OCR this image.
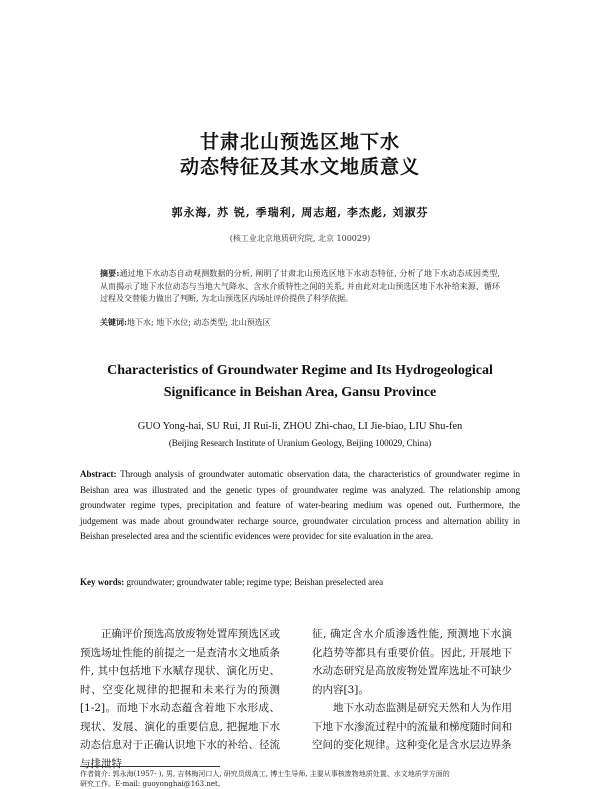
甘肃北山预选区地下水
动态特征及其水文地质意义
郭永海, 苏 锐, 季瑞利, 周志超, 李杰彪, 刘淑芬
(核工业北京地质研究院, 北京 100029)
摘要:通过地下水动态自动观测数据的分析, 阐明了甘肃北山预选区地下水动态特征, 分析了地下水动态成因类型, 从而揭示了地下水位动态与当地大气降水、含水介质特性之间的关系, 并由此对北山预选区地下水补给来源、循环过程及交替能力做出了判断, 为北山预选区内场址评价提供了科学依据。
关键词:地下水; 地下水位; 动态类型; 北山预选区
Characteristics of Groundwater Regime and Its Hydrogeological
Significance in Beishan Area, Gansu Province
GUO Yong-hai, SU Rui, JI Rui-li, ZHOU Zhi-chao, LI Jie-biao, LIU Shu-fen
(Beijing Research Institute of Uranium Geology, Beijing 100029, China)
Abstract: Through analysis of groundwater automatic observation data, the characteristics of groundwater regime in Beishan area was illustrated and the genetic types of groundwater regime was analyzed. The relationship among groundwater regime types, precipitation and feature of water-bearing medium was opened out. Furthermore, the judgement was made about groundwater recharge source, groundwater circulation process and alternation ability in Beishan preselected area and the scientific evidences were providec for site evaluation in the area.
Key words: groundwater; groundwater table; regime type; Beishan preselected area

正确评价预选高放废物处置库预选区或预选场址性能的前提之一是查清水文地质条件, 其中包括地下水赋存现状、演化历史、时、空变化规律的把握和未来行为的预测[1-2]。而地下水动态蕴含着地下水形成、现状、发展、演化的重要信息, 把握地下水动态信息对于正确认识地下水的补给、径流与排泄特

征, 确定含水介质渗透性能, 预测地下水演化趋势等都具有重要价值。因此, 开展地下水动态研究是高放废物处置库选址不可缺少的内容[3]。

地下水动态监测是研究天然和人为作用下地下水渗流过程中的流量和梯度随时间和空间的变化规律。这种变化是含水层边界条

作者简介: 郭永海(1957- ), 男, 吉林梅河口人, 研究员级高工, 博士生导师, 主要从事核废物地质处置、水文地质学方面的
研究工作。E-mail: guoyonghai@163.net。
